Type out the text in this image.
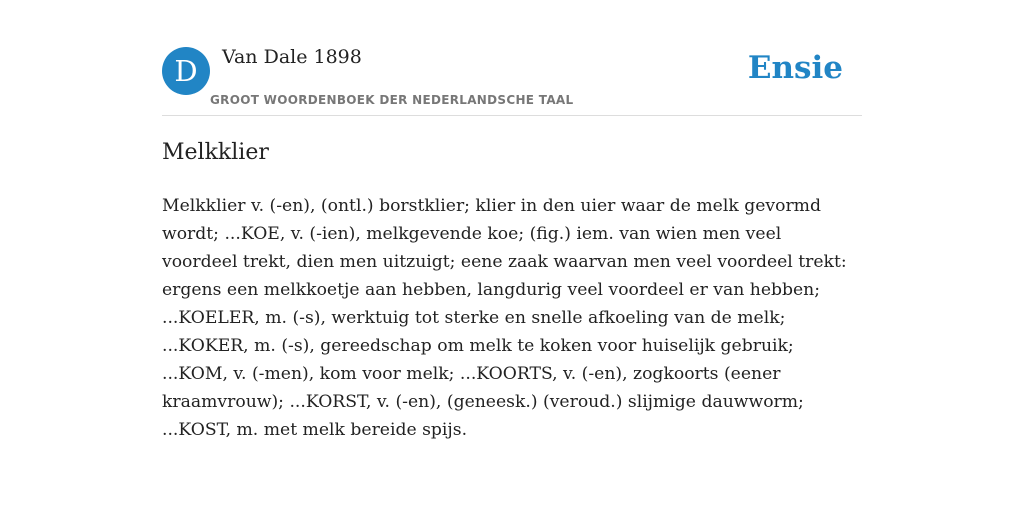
D	Van Dale 1898
GROOT WOORDENBOEK DER NEDERLANDSCHE TAAL
Ensie
Melkklier

Melkklier v. (-en), (ontl.) borstklier; klier in den uier waar de melk gevormd wordt; ...KOE, v. (-ien), melkgevende koe; (fig.) iem. van wien men veel voordeel trekt, dien men uitzuigt; eene zaak waarvan men veel voordeel trekt: ergens een melkkoetje aan hebben, langdurig veel voordeel er van hebben; ...KOELER, m. (-s), werktuig tot sterke en snelle afkoeling van de melk; ...KOKER, m. (-s), gereedschap om melk te koken voor huiselijk gebruik; ...KOM, v. (-men), kom voor melk; ...KOORTS, v. (-en), zogkoorts (eener kraamvrouw); ...KORST, v. (-en), (geneesk.) (veroud.) slijmige dauwworm; ...KOST, m. met melk bereide spijs.
